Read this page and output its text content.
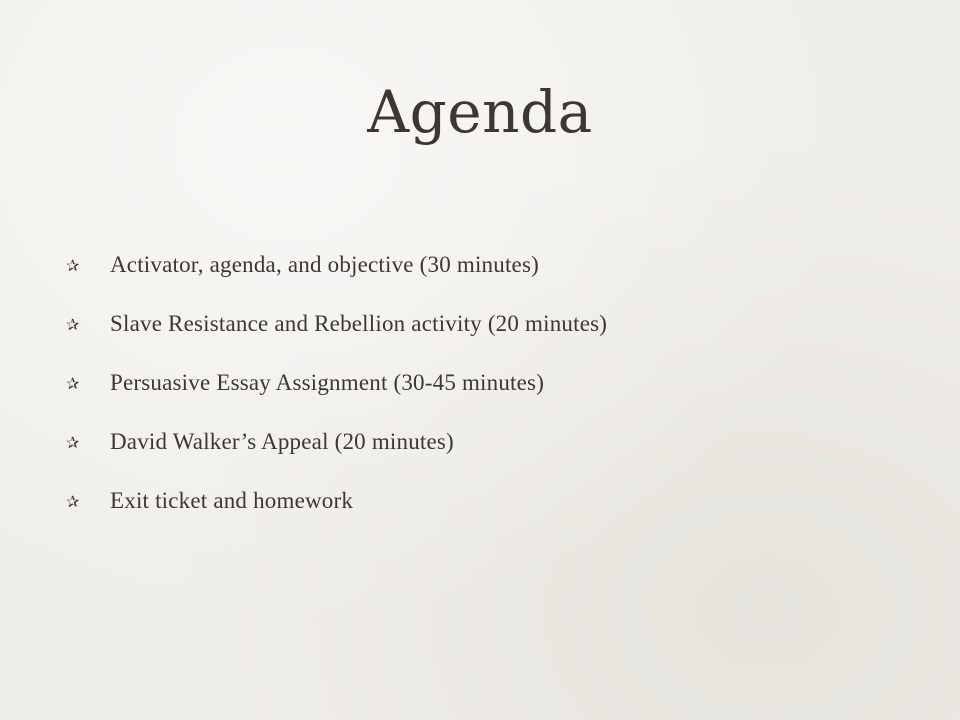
Agenda
✰	Activator, agenda, and objective (30 minutes)
✰	Slave Resistance and Rebellion activity (20 minutes)
✰	Persuasive Essay Assignment (30-45 minutes)
✰	David Walker’s Appeal (20 minutes)
✰	Exit ticket and homework
